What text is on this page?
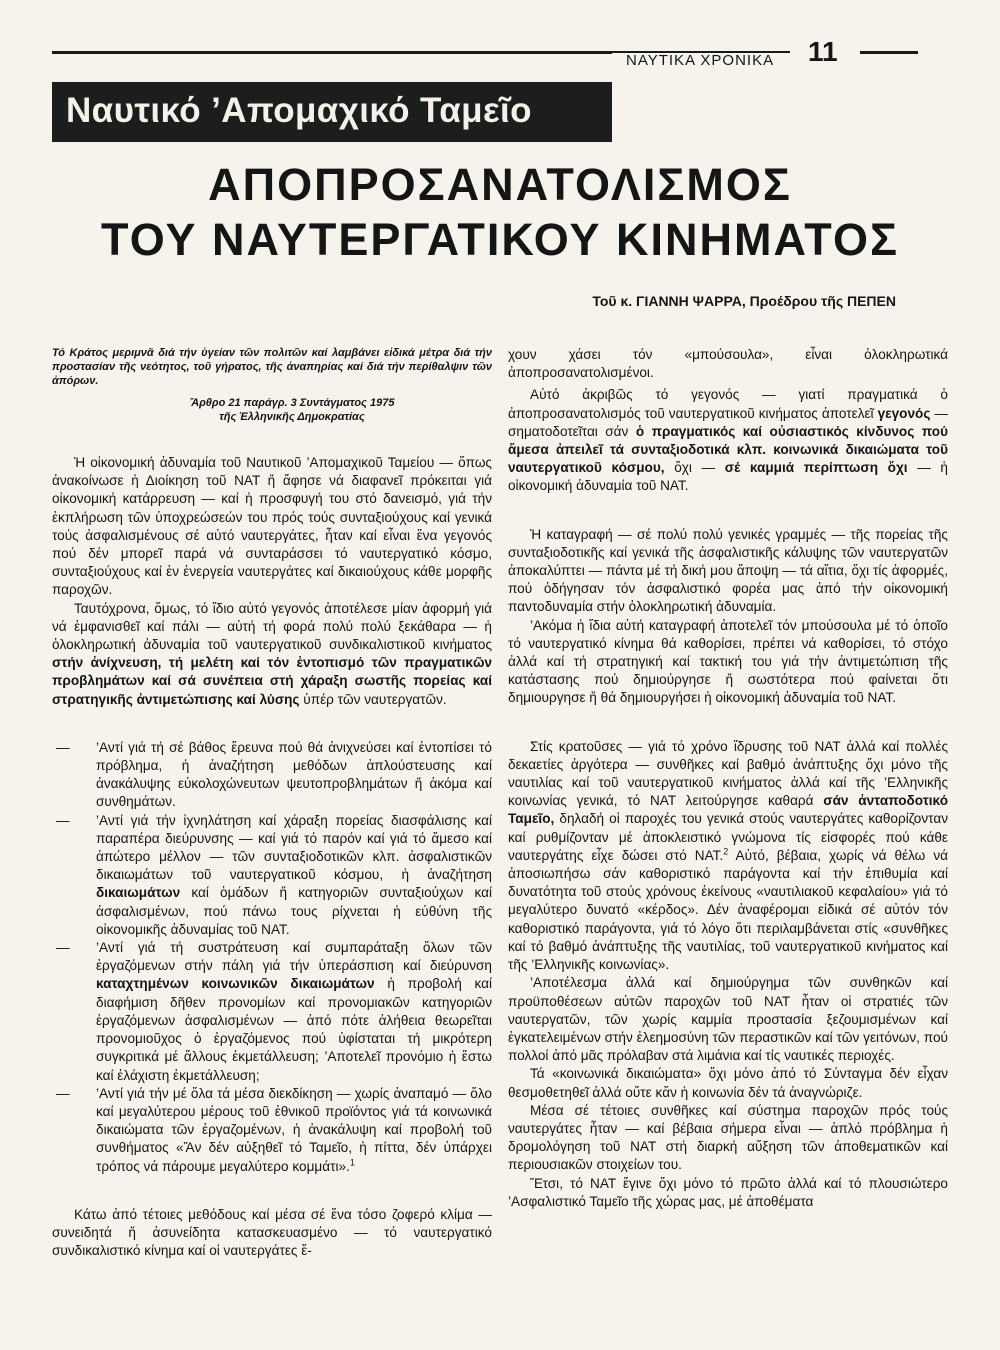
ΝΑΥΤΙΚΑ ΧΡΟΝΙΚΑ 11
Ναυτικό ’Απομαχικό Ταμεῖο
ΑΠΟΠΡΟΣΑΝΑΤΟΛΙΣΜΟΣ
ΤΟΥ ΝΑΥΤΕΡΓΑΤΙΚΟΥ ΚΙΝΗΜΑΤΟΣ
Τοῦ κ. ΓΙΑΝΝΗ ΨΑΡΡΑ, Προέδρου τῆς ΠΕΠΕΝ

Τό Κράτος μεριμνᾶ διά τήν ὑγείαν τῶν πολιτῶν καί λαμβάνει εἰδικά μέτρα διά τήν προστασίαν τῆς νεότητος, τοῦ γήρατος, τῆς ἀναπηρίας καί διά τήν περίθαλψιν τῶν ἀπόρων.

Ἄρθρο 21 παράγρ. 3 Συντάγματος 1975
τῆς Ἑλληνικῆς Δημοκρατίας

Ἡ οἰκονομική ἀδυναμία τοῦ Ναυτικοῦ ’Απομαχικοῦ Ταμείου — ὅπως ἀνακοίνωσε ἡ Διοίκηση τοῦ ΝΑΤ ἤ ἄφησε νά διαφανεῖ πρόκειται γιά οἰκονομική κατάρρευση — καί ἡ προσφυγή του στό δανεισμό, γιά τήν ἐκπλήρωση τῶν ὑποχρεώσεών του πρός τούς συνταξιούχους καί γενικά τούς ἀσφαλισμένους σέ αὐτό ναυτεργάτες, ἦταν καί εἶναι ἕνα γεγονός πού δέν μπορεῖ παρά νά συνταράσσει τό ναυτεργατικό κόσμο, συνταξιούχους καί ἐν ἐνεργεία ναυτεργάτες καί δικαιούχους κάθε μορφῆς παροχῶν.

Ταυτόχρονα, ὅμως, τό ἴδιο αὐτό γεγονός ἀποτέλεσε μίαν ἀφορμή γιά νά ἐμφανισθεῖ καί πάλι — αὐτή τή φορά πολύ πολύ ξεκάθαρα — ἡ ὁλοκληρωτική ἀδυναμία τοῦ ναυτεργατικοῦ συνδικαλιστικοῦ κινήματος στήν ἀνίχνευση, τή μελέτη καί τόν ἐντοπισμό τῶν πραγματικῶν προβλημάτων καί σά συνέπεια στή χάραξη σωστῆς πορείας καί στρατηγικῆς ἀντιμετώπισης καί λύσης ὑπέρ τῶν ναυτεργατῶν.

—	’Αντί γιά τή σέ βάθος ἔρευνα πού θά ἀνιχνεύσει καί ἐντοπίσει τό πρόβλημα, ἡ ἀναζήτηση μεθόδων ἀπλούστευσης καί ἀνακάλυψης εὐκολοχώνευτων ψευτοπροβλημάτων ἤ ἀκόμα καί συνθημάτων.

—	’Αντί γιά τήν ἰχνηλάτηση καί χάραξη πορείας διασφάλισης καί παραπέρα διεύρυνσης — καί γιά τό παρόν καί γιά τό ἄμεσο καί ἀπώτερο μέλλον — τῶν συνταξιοδοτικῶν κλπ. ἀσφαλιστικῶν δικαιωμάτων τοῦ ναυτεργατικοῦ κόσμου, ἡ ἀναζήτηση δικαιωμάτων καί ὁμάδων ἤ κατηγοριῶν συνταξιούχων καί ἀσφαλισμένων, πού πάνω τους ρίχνεται ἡ εὐθύνη τῆς οἰκονομικῆς ἀδυναμίας τοῦ ΝΑΤ.

—	’Αντί γιά τή συστράτευση καί συμπαράταξη ὅλων τῶν ἐργαζόμενων στήν πάλη γιά τήν ὑπεράσπιση καί διεύρυνση καταχτημένων κοινωνικῶν δικαιωμάτων ἡ προβολή καί διαφήμιση δῆθεν προνομίων καί προνομιακῶν κατηγοριῶν ἐργαζόμενων ἀσφαλισμένων — ἀπό πότε ἀλήθεια θεωρεῖται προνομιοῦχος ὁ ἐργαζόμενος πού ὑφίσταται τή μικρότερη συγκριτικά μέ ἄλλους ἐκμετάλλευση; ’Αποτελεῖ προνόμιο ἡ ἔστω καί ἐλάχιστη ἐκμετάλλευση;

—	’Αντί γιά τήν μέ ὅλα τά μέσα διεκδίκηση — χωρίς ἀναπαμό — ὅλο καί μεγαλύτερου μέρους τοῦ ἐθνικοῦ προϊόντος γιά τά κοινωνικά δικαιώματα τῶν ἐργαζομένων, ἡ ἀνακάλυψη καί προβολή τοῦ συνθήματος «Ἄν δέν αὐξηθεῖ τό Ταμεῖο, ἡ πίττα, δέν ὑπάρχει τρόπος νά πάρουμε μεγαλύτερο κομμάτι».$^1$

Κάτω ἀπό τέτοιες μεθόδους καί μέσα σέ ἕνα τόσο ζοφερό κλίμα — συνειδητά ἤ ἀσυνείδητα κατασκευασμένο — τό ναυτεργατικό συνδικαλιστικό κίνημα καί οἱ ναυτεργάτες ἔ-

χουν χάσει τόν «μπούσουλα», εἶναι ὁλοκληρωτικά ἀποπροσανατολισμένοι.

Αὐτό ἀκριβῶς τό γεγονός — γιατί πραγματικά ὁ ἀποπροσανατολισμός τοῦ ναυτεργατικοῦ κινήματος ἀποτελεῖ γεγονός — σηματοδοτεῖται σάν ὁ πραγματικός καί οὐσιαστικός κίνδυνος πού ἄμεσα ἀπειλεῖ τά συνταξιοδοτικά κλπ. κοινωνικά δικαιώματα τοῦ ναυτεργατικοῦ κόσμου, ὄχι — σέ καμμιά περίπτωση ὄχι — ἡ οἰκονομική ἀδυναμία τοῦ ΝΑΤ.

Ἡ καταγραφή — σέ πολύ πολύ γενικές γραμμές — τῆς πορείας τῆς συνταξιοδοτικῆς καί γενικά τῆς ἀσφαλιστικῆς κάλυψης τῶν ναυτεργατῶν ἀποκαλύπτει — πάντα μέ τή δική μου ἄποψη — τά αἴτια, ὄχι τίς ἀφορμές, πού ὁδήγησαν τόν ἀσφαλιστικό φορέα μας ἀπό τήν οἰκονομική παντοδυναμία στήν ὁλοκληρωτική ἀδυναμία.

’Ακόμα ἡ ἴδια αὐτή καταγραφή ἀποτελεῖ τόν μπούσουλα μέ τό ὁποῖο τό ναυτεργατικό κίνημα θά καθορίσει, πρέπει νά καθορίσει, τό στόχο ἀλλά καί τή στρατηγική καί τακτική του γιά τήν ἀντιμετώπιση τῆς κατάστασης πού δημιούργησε ἤ σωστότερα πού φαίνεται ὅτι δημιουργησε ἤ θά δημιουργήσει ἡ οἰκονομική ἀδυναμία τοῦ ΝΑΤ.

Στίς κρατοῦσες — γιά τό χρόνο ἵδρυσης τοῦ ΝΑΤ ἀλλά καί πολλές δεκαετίες ἀργότερα — συνθῆκες καί βαθμό ἀνάπτυξης ὄχι μόνο τῆς ναυτιλίας καί τοῦ ναυτεργατικοῦ κινήματος ἀλλά καί τῆς ’Ελληνικῆς κοινωνίας γενικά, τό ΝΑΤ λειτούργησε καθαρά σάν ἀνταποδοτικό Ταμεῖο, δηλαδή οἱ παροχές του γενικά στούς ναυτεργάτες καθορίζονταν καί ρυθμίζονταν μέ ἀποκλειστικό γνώμονα τίς εἰσφορές πού κάθε ναυτεργάτης εἶχε δώσει στό ΝΑΤ.$^2$ Αὐτό, βέβαια, χωρίς νά θέλω νά ἀποσιωπήσω σάν καθοριστικό παράγοντα καί τήν ἐπιθυμία καί δυνατότητα τοῦ στούς χρόνους ἐκείνους «ναυτιλιακοῦ κεφαλαίου» γιά τό μεγαλύτερο δυνατό «κέρδος». Δέν ἀναφέρομαι εἰδικά σέ αὐτόν τόν καθοριστικό παράγοντα, γιά τό λόγο ὅτι περιλαμβάνεται στίς «συνθῆκες καί τό βαθμό ἀνάπτυξης τῆς ναυτιλίας, τοῦ ναυτεργατικοῦ κινήματος καί τῆς ’Ελληνικῆς κοινωνίας».

’Αποτέλεσμα ἀλλά καί δημιούργημα τῶν συνθηκῶν καί προϋποθέσεων αὐτῶν παροχῶν τοῦ ΝΑΤ ἦταν οἱ στρατιές τῶν ναυτεργατῶν, τῶν χωρίς καμμία προστασία ξεζουμισμένων καί ἐγκατελειμένων στήν ἐλεημοσύνη τῶν περαστικῶν καί τῶν γειτόνων, πού πολλοί ἀπό μᾶς πρόλαβαν στά λιμάνια καί τίς ναυτικές περιοχές.

Τά «κοινωνικά δικαιώματα» ὄχι μόνο ἀπό τό Σύνταγμα δέν εἶχαν θεσμοθετηθεῖ ἀλλά οὔτε κἄν ἡ κοινωνία δέν τά ἀναγνώριζε.

Μέσα σέ τέτοιες συνθῆκες καί σύστημα παροχῶν πρός τούς ναυτεργάτες ἦταν — καί βέβαια σήμερα εἶναι — ἁπλό πρόβλημα ἡ δρομολόγηση τοῦ ΝΑΤ στή διαρκή αὔξηση τῶν ἀποθεματικῶν καί περιουσιακῶν στοιχείων του.

Ἔτσι, τό ΝΑΤ ἔγινε ὄχι μόνο τό πρῶτο ἀλλά καί τό πλουσιώτερο ’Ασφαλιστικό Ταμεῖο τῆς χώρας μας, μέ ἀποθέματα
